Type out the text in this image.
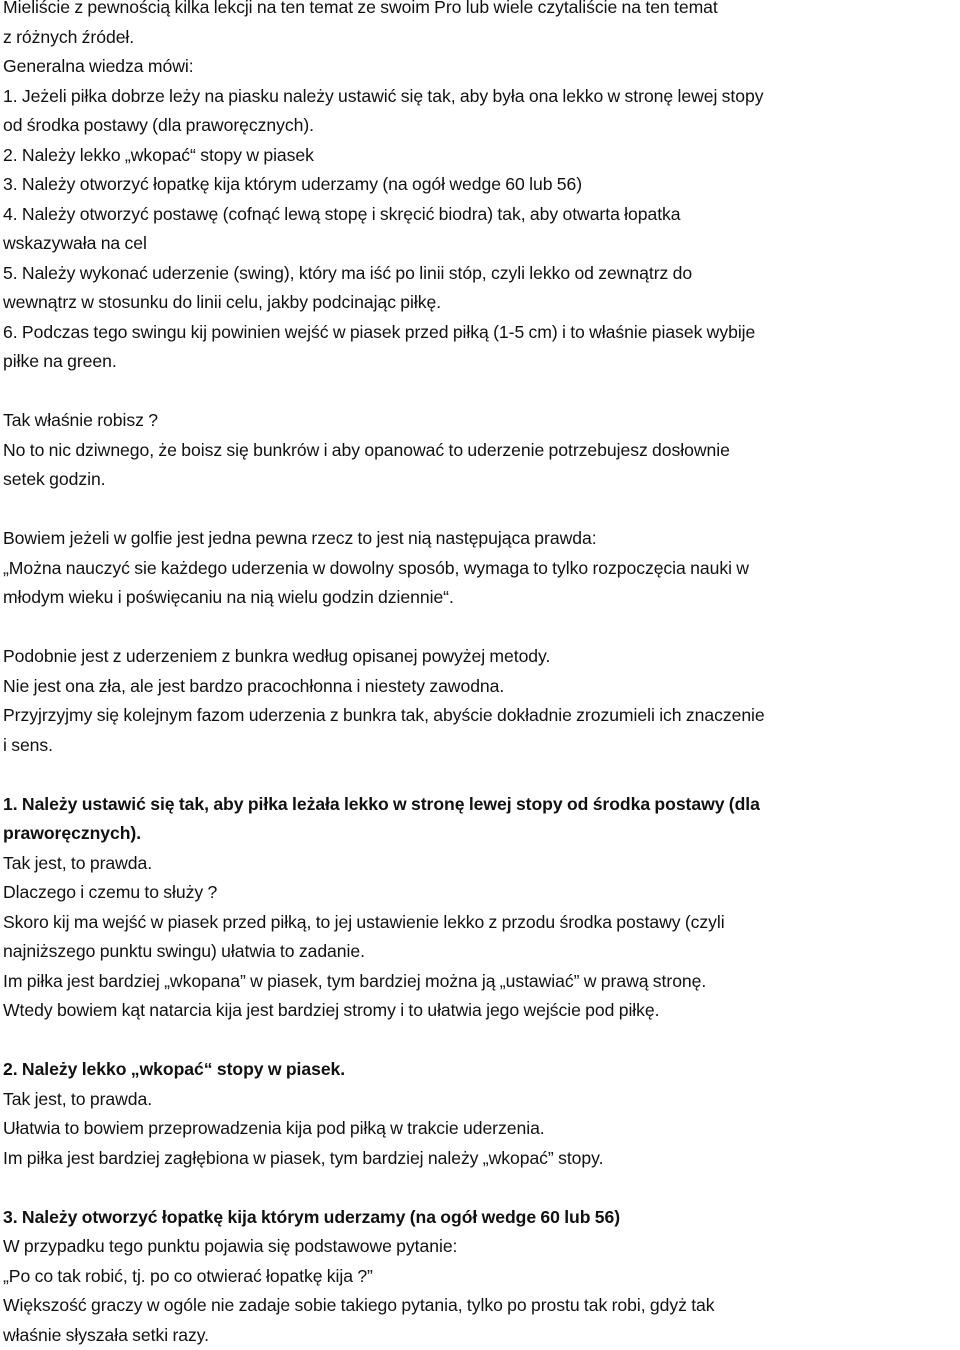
Mieliście z pewnością kilka lekcji na ten temat ze swoim Pro lub wiele czytaliście na ten temat
z różnych źródeł.
Generalna wiedza mówi:
1. Jeżeli piłka dobrze leży na piasku należy ustawić się tak, aby była ona lekko w stronę lewej stopy
od środka postawy (dla praworęcznych).
2. Należy lekko „wkopać“ stopy w piasek
3. Należy otworzyć łopatkę kija którym uderzamy (na ogół wedge 60 lub 56)
4. Należy otworzyć postawę (cofnąć lewą stopę i skręcić biodra) tak, aby otwarta łopatka
wskazywała na cel
5. Należy wykonać uderzenie (swing), który ma iść po linii stóp, czyli lekko od zewnątrz do
wewnątrz w stosunku do linii celu, jakby podcinając piłkę.
6. Podczas tego swingu kij powinien wejść w piasek przed piłką (1-5 cm) i to właśnie piasek wybije
piłke na green.
Tak właśnie robisz ?
No to nic dziwnego, że boisz się bunkrów i aby opanować to uderzenie potrzebujesz dosłownie
setek godzin.
Bowiem jeżeli w golfie jest jedna pewna rzecz to jest nią następująca prawda:
„Można nauczyć sie każdego uderzenia w dowolny sposób, wymaga to tylko rozpoczęcia nauki w
młodym wieku i poświęcaniu na nią wielu godzin dziennie“.
Podobnie jest z uderzeniem z bunkra według opisanej powyżej metody.
Nie jest ona zła, ale jest bardzo pracochłonna i niestety zawodna.
Przyjrzyjmy się kolejnym fazom uderzenia z bunkra tak, abyście dokładnie zrozumieli ich znaczenie
i sens.
1. Należy ustawić się tak, aby piłka leżała lekko w stronę lewej stopy od środka postawy (dla
praworęcznych).
Tak jest, to prawda.
Dlaczego i czemu to służy ?
Skoro kij ma wejść w piasek przed piłką, to jej ustawienie lekko z przodu środka postawy (czyli
najniższego punktu swingu) ułatwia to zadanie.
Im piłka jest bardziej „wkopana” w piasek, tym bardziej można ją „ustawiać” w prawą stronę.
Wtedy bowiem kąt natarcia kija jest bardziej stromy i to ułatwia jego wejście pod piłkę.
2. Należy lekko „wkopać“ stopy w piasek.
Tak jest, to prawda.
Ułatwia to bowiem przeprowadzenia kija pod piłką w trakcie uderzenia.
Im piłka jest bardziej zagłębiona w piasek, tym bardziej należy „wkopać” stopy.
3. Należy otworzyć łopatkę kija którym uderzamy (na ogół wedge 60 lub 56)
W przypadku tego punktu pojawia się podstawowe pytanie:
„Po co tak robić, tj. po co otwierać łopatkę kija ?”
Większość graczy w ogóle nie zadaje sobie takiego pytania, tylko po prostu tak robi, gdyż tak
właśnie słyszała setki razy.
